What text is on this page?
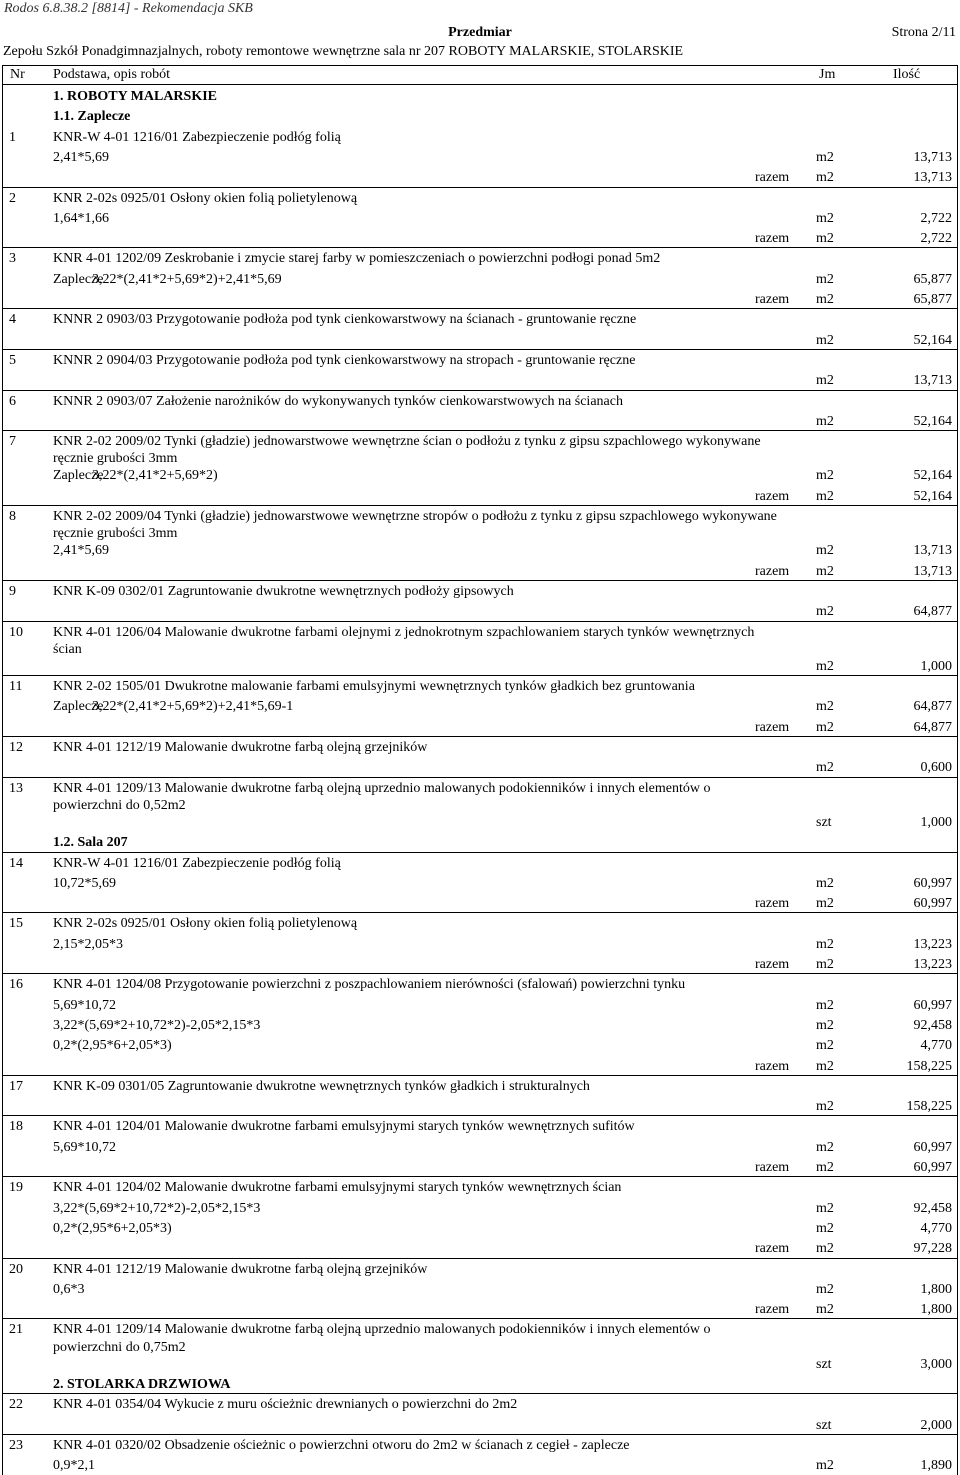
Rodos 6.8.38.2 [8814] - Rekomendacja SKB
Przedmiar	Strona 2/11
Zepołu Szkół Ponadgimnazjalnych, roboty remontowe wewnętrzne sala nr 207 ROBOTY MALARSKIE, STOLARSKIE
Nr Podstawa, opis robót	Jm	Ilość
1. ROBOTY MALARSKIE
1.1. Zaplecze
1	KNR-W 4-01 1216/01 Zabezpieczenie podłóg folią
2,41*5,69	m2	13,713
razem m2	13,713
2	KNR 2-02s 0925/01 Osłony okien folią polietylenową
1,64*1,66	m2	2,722
razem m2	2,722
3	KNR 4-01 1202/09 Zeskrobanie i zmycie starej farby w pomieszczeniach o powierzchni podłogi ponad 5m2
Zaplecze
3,22*(2,41*2+5,69*2)+2,41*5,69	m2	65,877
razem m2	65,877
4	KNNR 2 0903/03 Przygotowanie podłoża pod tynk cienkowarstwowy na ścianach - gruntowanie ręczne
m2	52,164
5	KNNR 2 0904/03 Przygotowanie podłoża pod tynk cienkowarstwowy na stropach - gruntowanie ręczne
m2	13,713
6	KNNR 2 0903/07 Założenie narożników do wykonywanych tynków cienkowarstwowych na ścianach
m2	52,164
7	KNR 2-02 2009/02 Tynki (gładzie) jednowarstwowe wewnętrzne ścian o podłożu z tynku z gipsu szpachlowego wykonywane
ręcznie grubości 3mm
Zaplecze
3,22*(2,41*2+5,69*2)	m2	52,164
razem m2	52,164
8	KNR 2-02 2009/04 Tynki (gładzie) jednowarstwowe wewnętrzne stropów o podłożu z tynku z gipsu szpachlowego wykonywane
ręcznie grubości 3mm
2,41*5,69	m2	13,713
razem m2	13,713
9	KNR K-09 0302/01 Zagruntowanie dwukrotne wewnętrznych podłoży gipsowych
m2	64,877
10 KNR 4-01 1206/04 Malowanie dwukrotne farbami olejnymi z jednokrotnym szpachlowaniem starych tynków wewnętrznych
ścian
m2	1,000
11 KNR 2-02 1505/01 Dwukrotne malowanie farbami emulsyjnymi wewnętrznych tynków gładkich bez gruntowania
Zaplecze
3,22*(2,41*2+5,69*2)+2,41*5,69-1	m2	64,877
razem m2	64,877
12 KNR 4-01 1212/19 Malowanie dwukrotne farbą olejną grzejników
m2	0,600
13 KNR 4-01 1209/13 Malowanie dwukrotne farbą olejną uprzednio malowanych podokienników i innych elementów o
powierzchni do 0,52m2
szt	1,000
1.2. Sala 207
14 KNR-W 4-01 1216/01 Zabezpieczenie podłóg folią
10,72*5,69	m2	60,997
razem m2	60,997
15 KNR 2-02s 0925/01 Osłony okien folią polietylenową
2,15*2,05*3	m2	13,223
razem m2	13,223
16 KNR 4-01 1204/08 Przygotowanie powierzchni z poszpachlowaniem nierówności (sfalowań) powierzchni tynku
5,69*10,72	m2	60,997
3,22*(5,69*2+10,72*2)-2,05*2,15*3	m2	92,458
0,2*(2,95*6+2,05*3)	m2	4,770
razem m2	158,225
17 KNR K-09 0301/05 Zagruntowanie dwukrotne wewnętrznych tynków gładkich i strukturalnych
m2	158,225
18 KNR 4-01 1204/01 Malowanie dwukrotne farbami emulsyjnymi starych tynków wewnętrznych sufitów
5,69*10,72	m2	60,997
razem m2	60,997
19 KNR 4-01 1204/02 Malowanie dwukrotne farbami emulsyjnymi starych tynków wewnętrznych ścian
3,22*(5,69*2+10,72*2)-2,05*2,15*3	m2	92,458
0,2*(2,95*6+2,05*3)	m2	4,770
razem m2	97,228
20 KNR 4-01 1212/19 Malowanie dwukrotne farbą olejną grzejników
0,6*3	m2	1,800
razem m2	1,800
21 KNR 4-01 1209/14 Malowanie dwukrotne farbą olejną uprzednio malowanych podokienników i innych elementów o
powierzchni do 0,75m2
szt	3,000
2. STOLARKA DRZWIOWA
22 KNR 4-01 0354/04 Wykucie z muru ościeżnic drewnianych o powierzchni do 2m2
szt	2,000
23 KNR 4-01 0320/02 Obsadzenie ościeżnic o powierzchni otworu do 2m2 w ścianach z cegieł - zaplecze
0,9*2,1	m2	1,890
